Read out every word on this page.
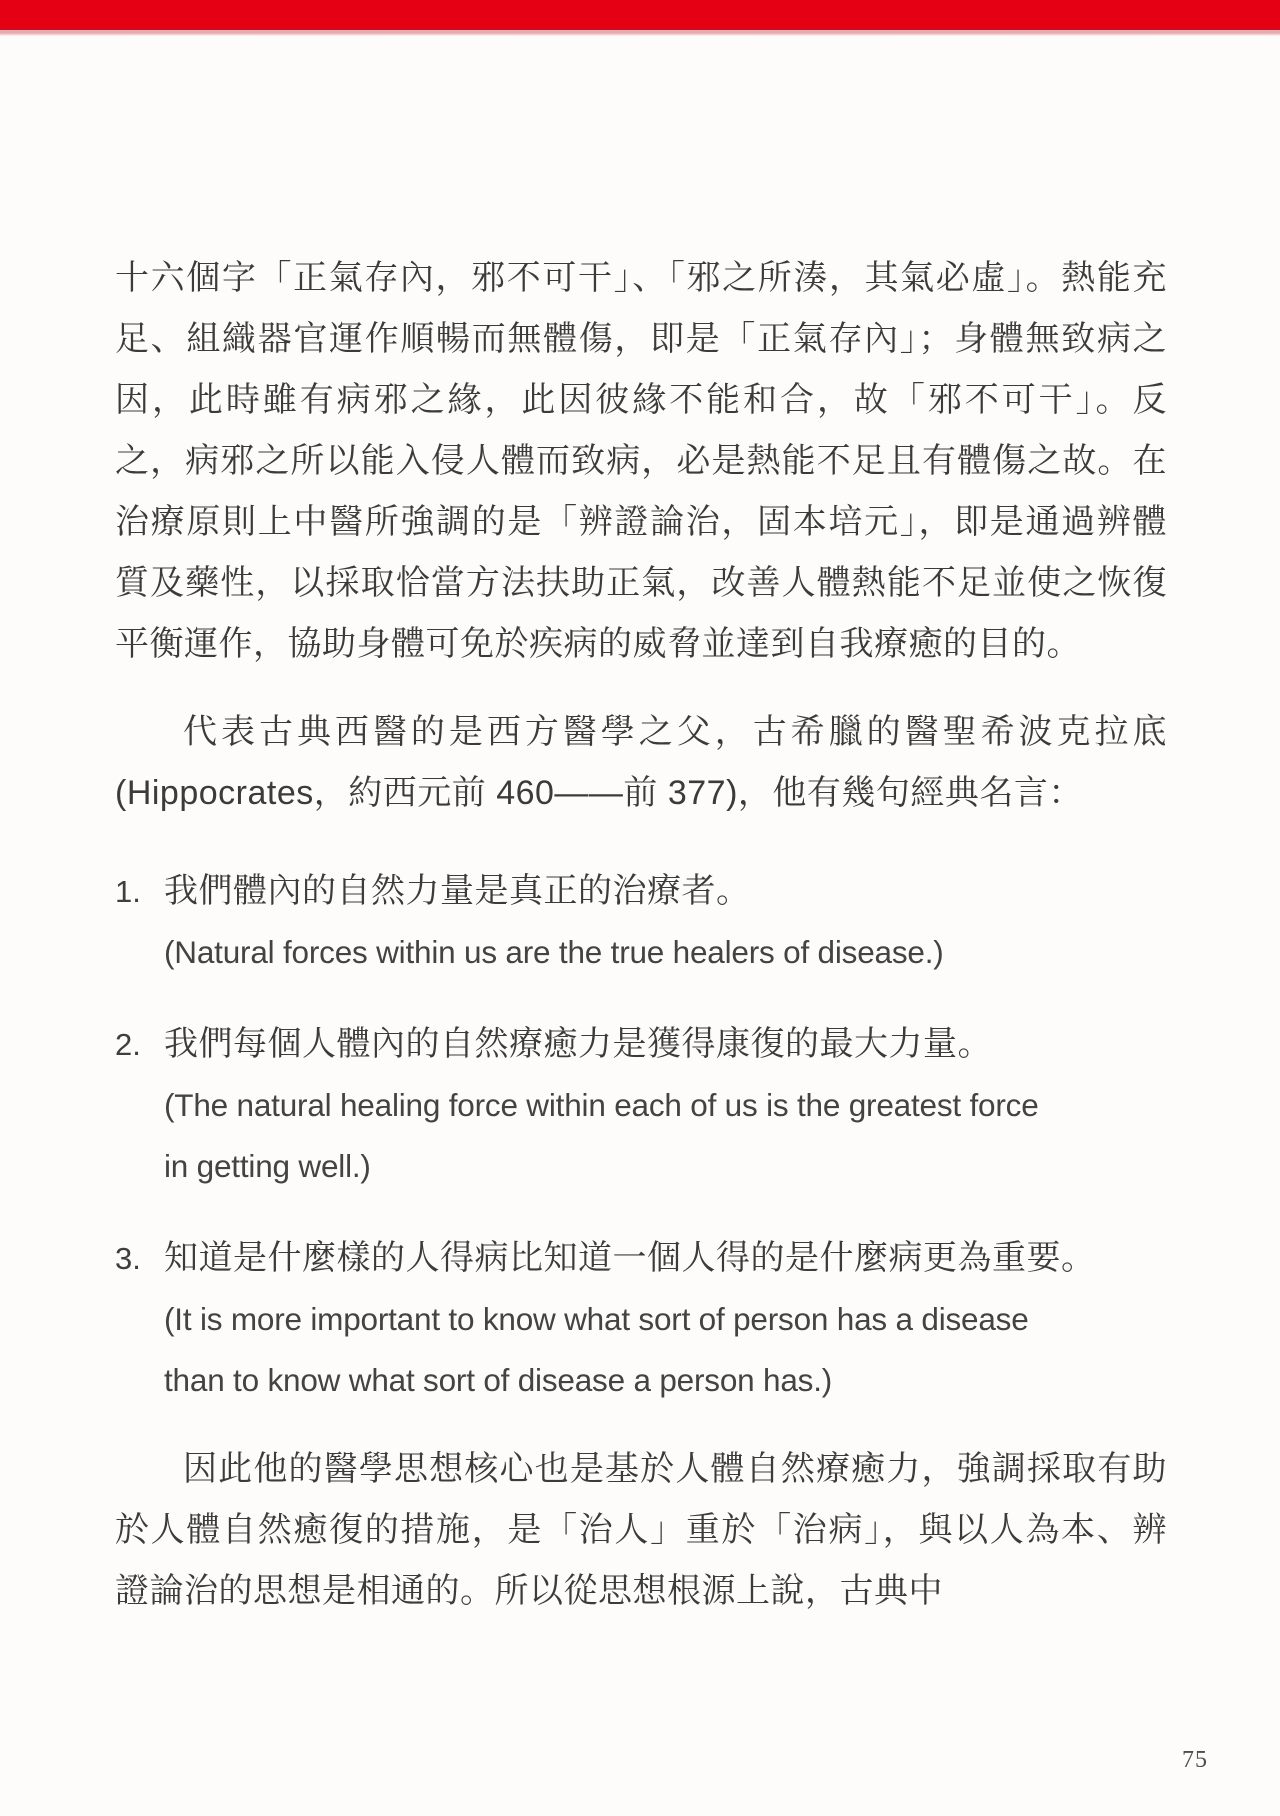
十六個字「正氣存內，邪不可干」、「邪之所湊，其氣必虛」。熱能充足、組織器官運作順暢而無體傷，即是「正氣存內」；身體無致病之因，此時雖有病邪之緣，此因彼緣不能和合，故「邪不可干」。反之，病邪之所以能入侵人體而致病，必是熱能不足且有體傷之故。在治療原則上中醫所強調的是「辨證論治，固本培元」，即是通過辨體質及藥性，以採取恰當方法扶助正氣，改善人體熱能不足並使之恢復平衡運作，協助身體可免於疾病的威脅並達到自我療癒的目的。

代表古典西醫的是西方醫學之父，古希臘的醫聖希波克拉底 (Hippocrates，約西元前 460——前 377)，他有幾句經典名言：

1. 我們體內的自然力量是真正的治療者。
(Natural forces within us are the true healers of disease.)
2. 我們每個人體內的自然療癒力是獲得康復的最大力量。
(The natural healing force within each of us is the greatest force in getting well.)
3. 知道是什麼樣的人得病比知道一個人得的是什麼病更為重要。
(It is more important to know what sort of person has a disease than to know what sort of disease a person has.)

因此他的醫學思想核心也是基於人體自然療癒力，強調採取有助於人體自然癒復的措施，是「治人」重於「治病」，與以人為本、辨證論治的思想是相通的。所以從思想根源上說，古典中

75
